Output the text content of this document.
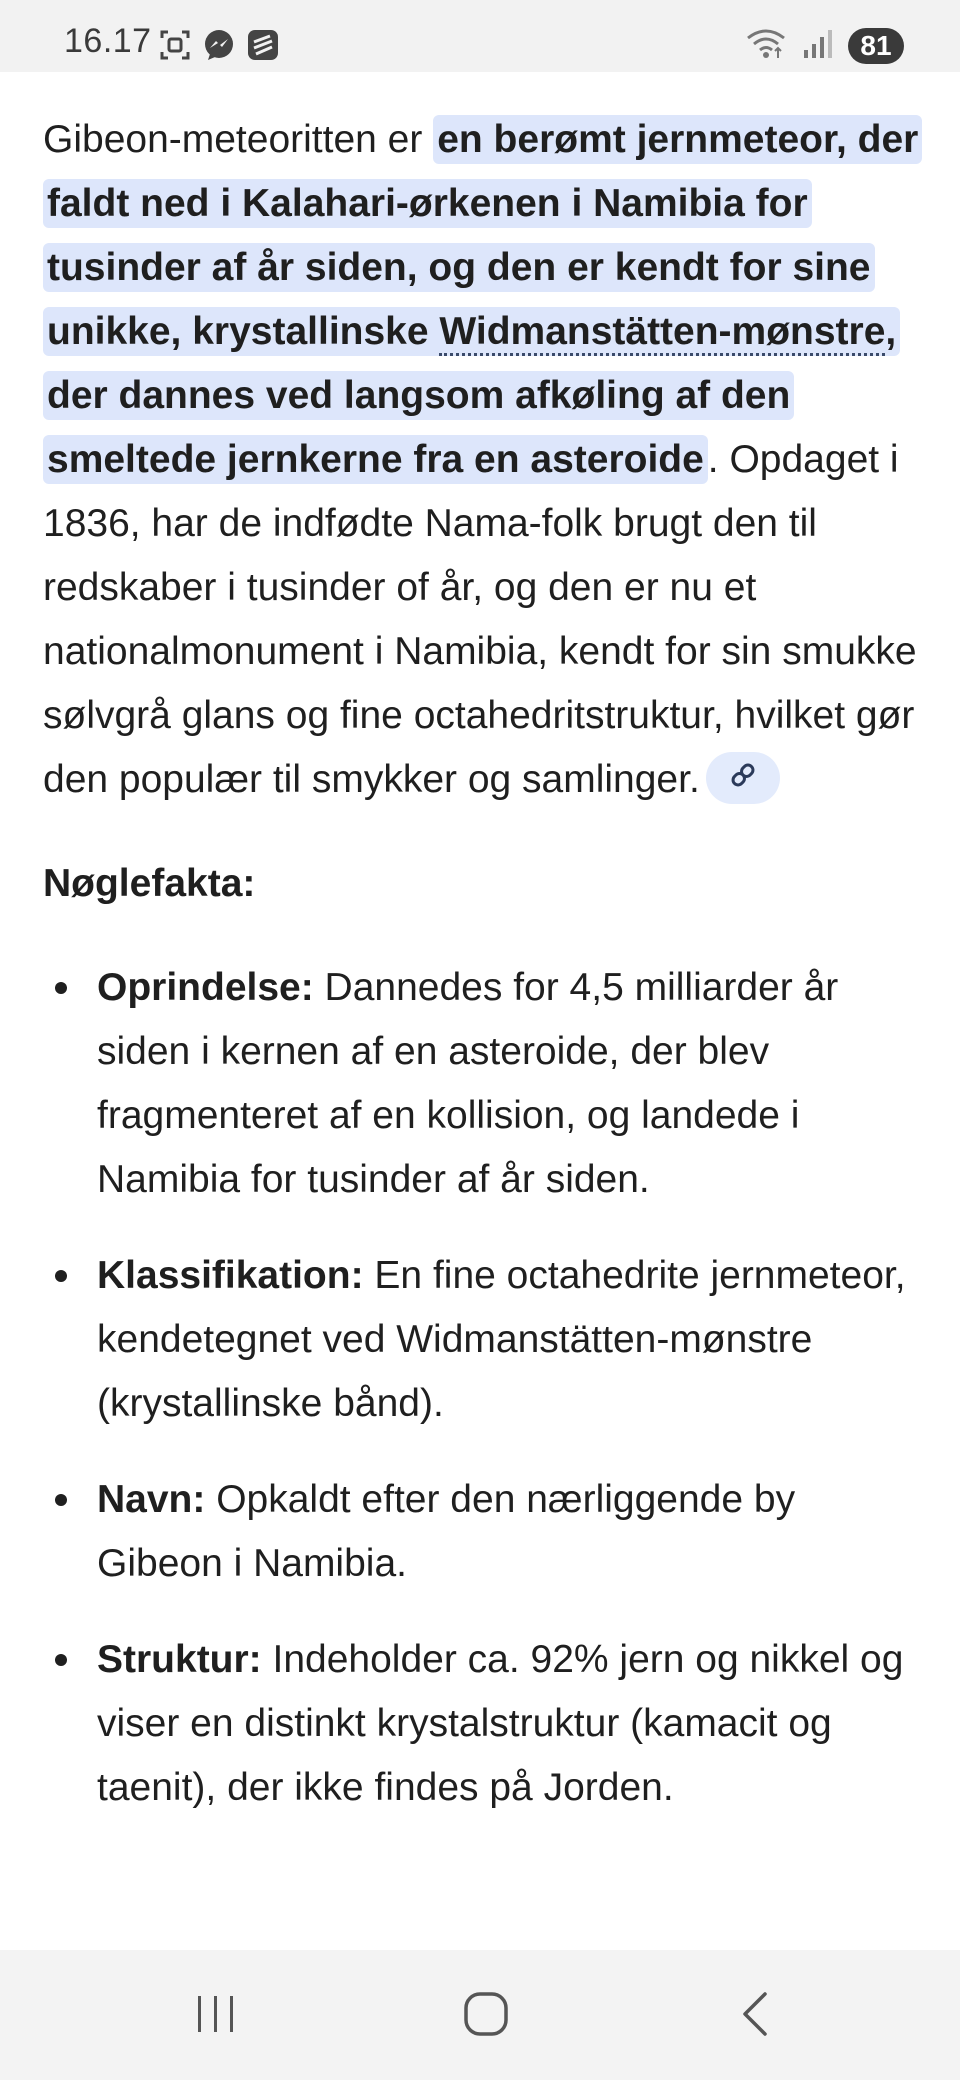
16.17	81

Gibeon-meteoritten er en berømt jernmeteor, der faldt ned i Kalahari-ørkenen i Namibia for tusinder af år siden, og den er kendt for sine unikke, krystallinske Widmanstätten-mønstre, der dannes ved langsom afkøling af den smeltede jernkerne fra en asteroide . Opdaget i 1836, har de indfødte Nama-folk brugt den til redskaber i tusinder of år, og den er nu et nationalmonument i Namibia, kendt for sin smukke sølvgrå glans og fine octahedritstruktur, hvilket gør den populær til smykker og samlinger.

Nøglefakta:

Oprindelse: Dannedes for 4,5 milliarder år siden i kernen af en asteroide, der blev fragmenteret af en kollision, og landede i Namibia for tusinder af år siden.
Klassifikation: En fine octahedrite jernmeteor, kendetegnet ved Widmanstätten-mønstre (krystallinske bånd).
Navn: Opkaldt efter den nærliggende by Gibeon i Namibia.
Struktur: Indeholder ca. 92% jern og nikkel og viser en distinkt krystalstruktur (kamacit og taenit), der ikke findes på Jorden.
